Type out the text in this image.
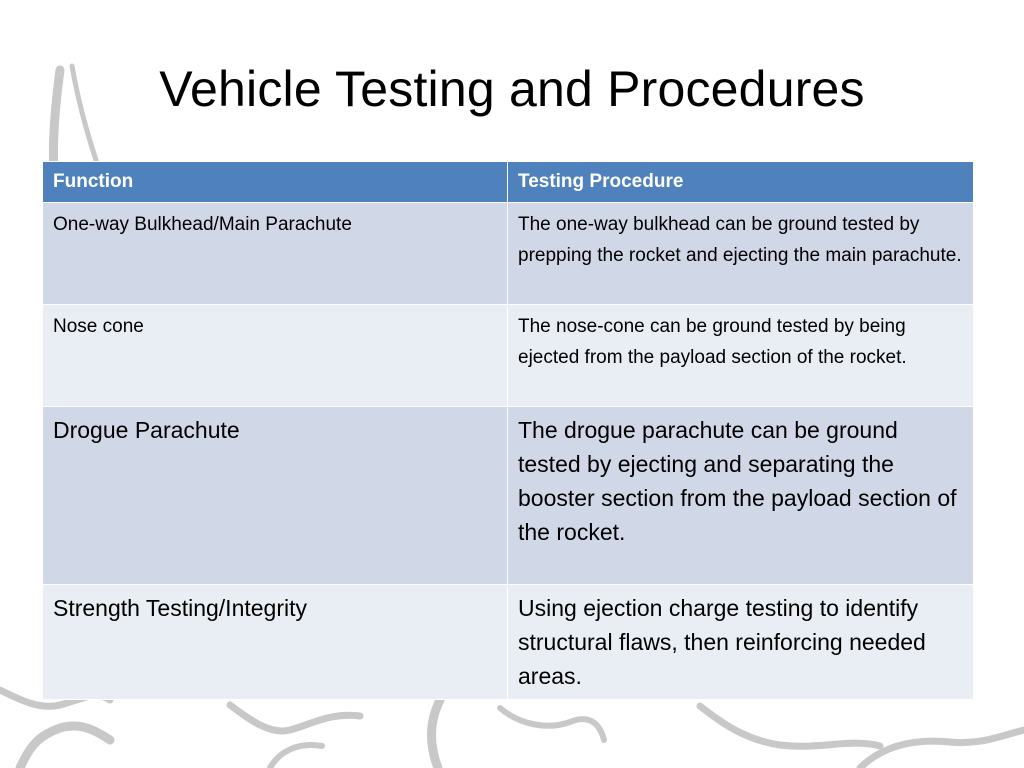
Vehicle Testing and Procedures
Function	Testing Procedure
One-way Bulkhead/Main Parachute	The one-way bulkhead can be ground tested by prepping the rocket and ejecting the main parachute.
Nose cone	The nose-cone can be ground tested by being ejected from the payload section of the rocket.
Drogue Parachute	The drogue parachute can be ground tested by ejecting and separating the booster section from the payload section of the rocket.
Strength Testing/Integrity	Using ejection charge testing to identify structural flaws, then reinforcing needed areas.
